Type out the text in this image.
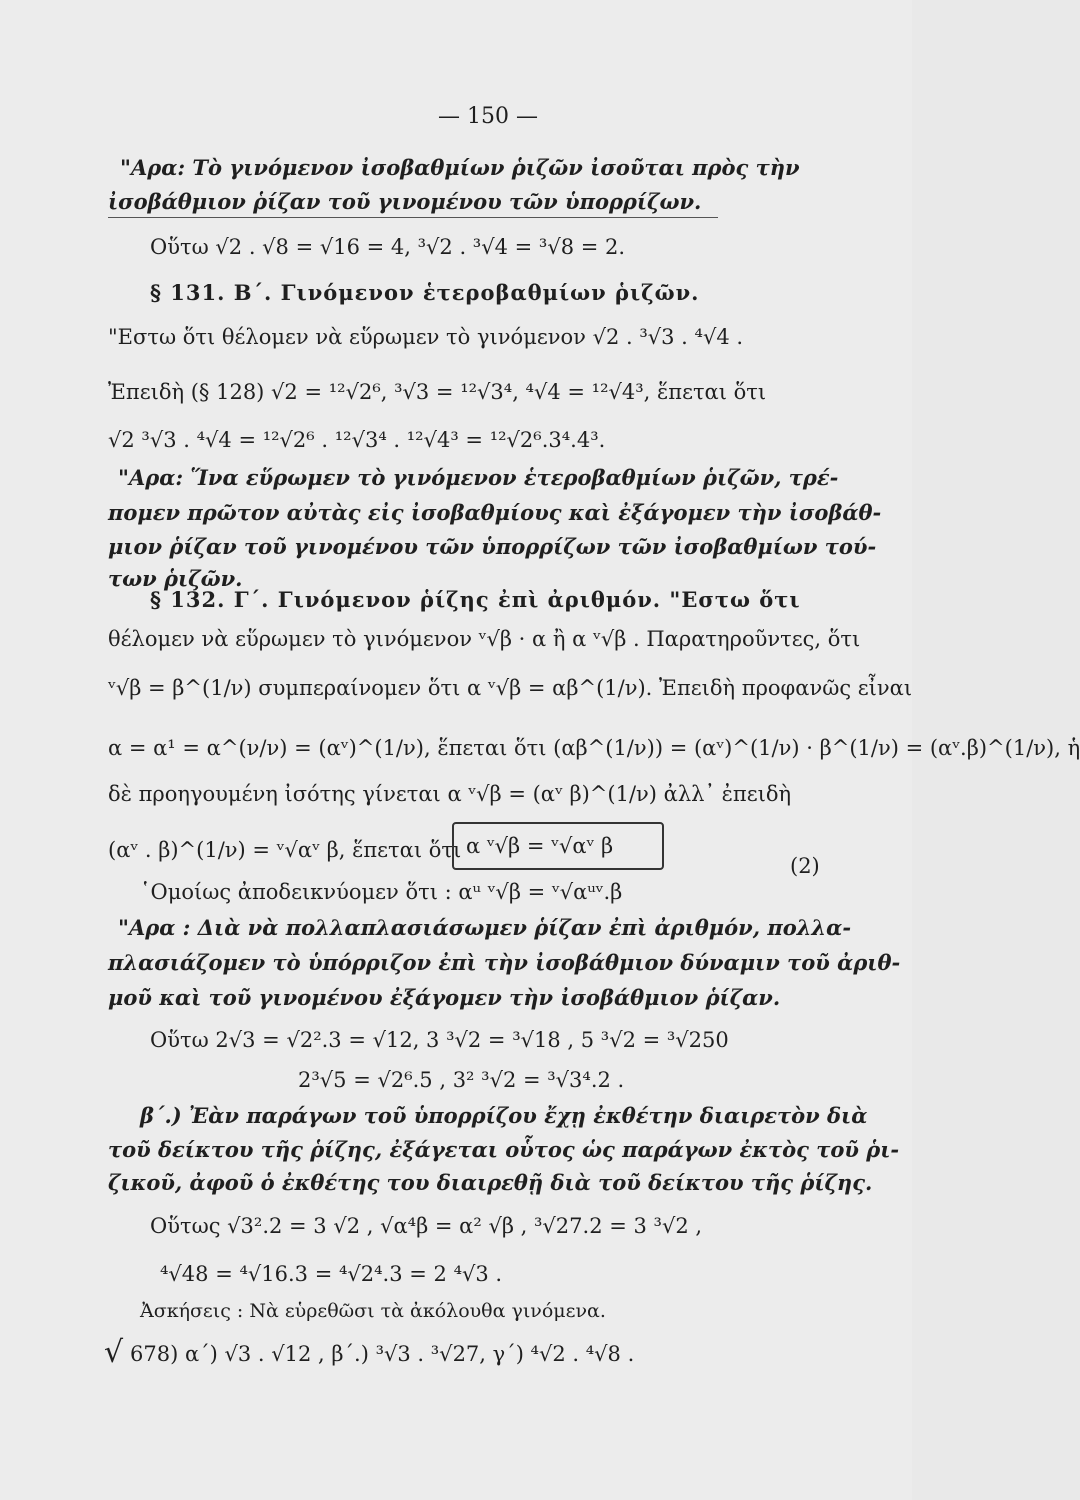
— 150 —
"Αρα: Τὸ γινόμενον ἰσοβαθμίων ῥιζῶν ἰσοῦται πρὸς τὴν
ἰσοβάθμιον ῥίζαν τοῦ γινομένου τῶν ὑπορρίζων.
Οὕτω √2 . √8 = √16 = 4, ³√2 . ³√4 = ³√8 = 2.
§ 131. Β΄. Γινόμενον ἑτεροβαθμίων ῥιζῶν.
"Εστω ὅτι θέλομεν νὰ εὕρωμεν τὸ γινόμενον √2 . ³√3 . ⁴√4 .
Ἐπειδὴ (§ 128) √2 = ¹²√2⁶, ³√3 = ¹²√3⁴, ⁴√4 = ¹²√4³, ἕπεται ὅτι
√2 ³√3 . ⁴√4 = ¹²√2⁶ . ¹²√3⁴ . ¹²√4³ = ¹²√2⁶.3⁴.4³.
"Αρα: Ἵνα εὕρωμεν τὸ γινόμενον ἑτεροβαθμίων ῥιζῶν, τρέ-
πομεν πρῶτον αὐτὰς εἰς ἰσοβαθμίους καὶ ἐξάγομεν τὴν ἰσοβάθ-
μιον ῥίζαν τοῦ γινομένου τῶν ὑπορρίζων τῶν ἰσοβαθμίων τού-
των ῥιζῶν.
§ 132. Γ΄. Γινόμενον ῥίζης ἐπὶ ἀριθμόν. "Εστω ὅτι
θέλομεν νὰ εὕρωμεν τὸ γινόμενον ᵛ√β · α ἢ α ᵛ√β . Παρατηροῦντες, ὅτι
ᵛ√β = β^(1/ν) συμπεραίνομεν ὅτι α ᵛ√β = αβ^(1/ν). Ἐπειδὴ προφανῶς εἶναι
α = α¹ = α^(ν/ν) = (αᵛ)^(1/ν), ἕπεται ὅτι (αβ^(1/ν)) = (αᵛ)^(1/ν) · β^(1/ν) = (αᵛ.β)^(1/ν), ἡ
δὲ προηγουμένη ἰσότης γίνεται α ᵛ√β = (αᵛ β)^(1/ν) ἀλλ᾽ ἐπειδὴ
(αᵛ . β)^(1/ν) = ᵛ√αᵛ β, ἕπεται ὅτι α ᵛ√β = ᵛ√αᵛ β
(2)
῾Ομοίως ἀποδεικνύομεν ὅτι : αᵘ ᵛ√β = ᵛ√αᵘᵛ.β
"Αρα : Διὰ νὰ πολλαπλασιάσωμεν ῥίζαν ἐπὶ ἀριθμόν, πολλα-
πλασιάζομεν τὸ ὑπόρριζον ἐπὶ τὴν ἰσοβάθμιον δύναμιν τοῦ ἀριθ-
μοῦ καὶ τοῦ γινομένου ἐξάγομεν τὴν ἰσοβάθμιον ῥίζαν.
Οὕτω 2√3 = √2².3 = √12, 3 ³√2 = ³√18 , 5 ³√2 = ³√250
2³√5 = √2⁶.5 , 3² ³√2 = ³√3⁴.2 .
β΄.) Ἐὰν παράγων τοῦ ὑπορρίζου ἔχῃ ἐκθέτην διαιρετὸν διὰ
τοῦ δείκτου τῆς ῥίζης, ἐξάγεται οὗτος ὡς παράγων ἐκτὸς τοῦ ῥι-
ζικοῦ, ἀφοῦ ὁ ἐκθέτης του διαιρεθῇ διὰ τοῦ δείκτου τῆς ῥίζης.
Οὕτως √3².2 = 3 √2 , √α⁴β = α² √β , ³√27.2 = 3 ³√2 ,
⁴√48 = ⁴√16.3 = ⁴√2⁴.3 = 2 ⁴√3 .
Ἀσκήσεις : Νὰ εὑρεθῶσι τὰ ἀκόλουθα γινόμενα.
√ 678) α΄) √3 . √12 , β΄.) ³√3 . ³√27, γ΄) ⁴√2 . ⁴√8 .
